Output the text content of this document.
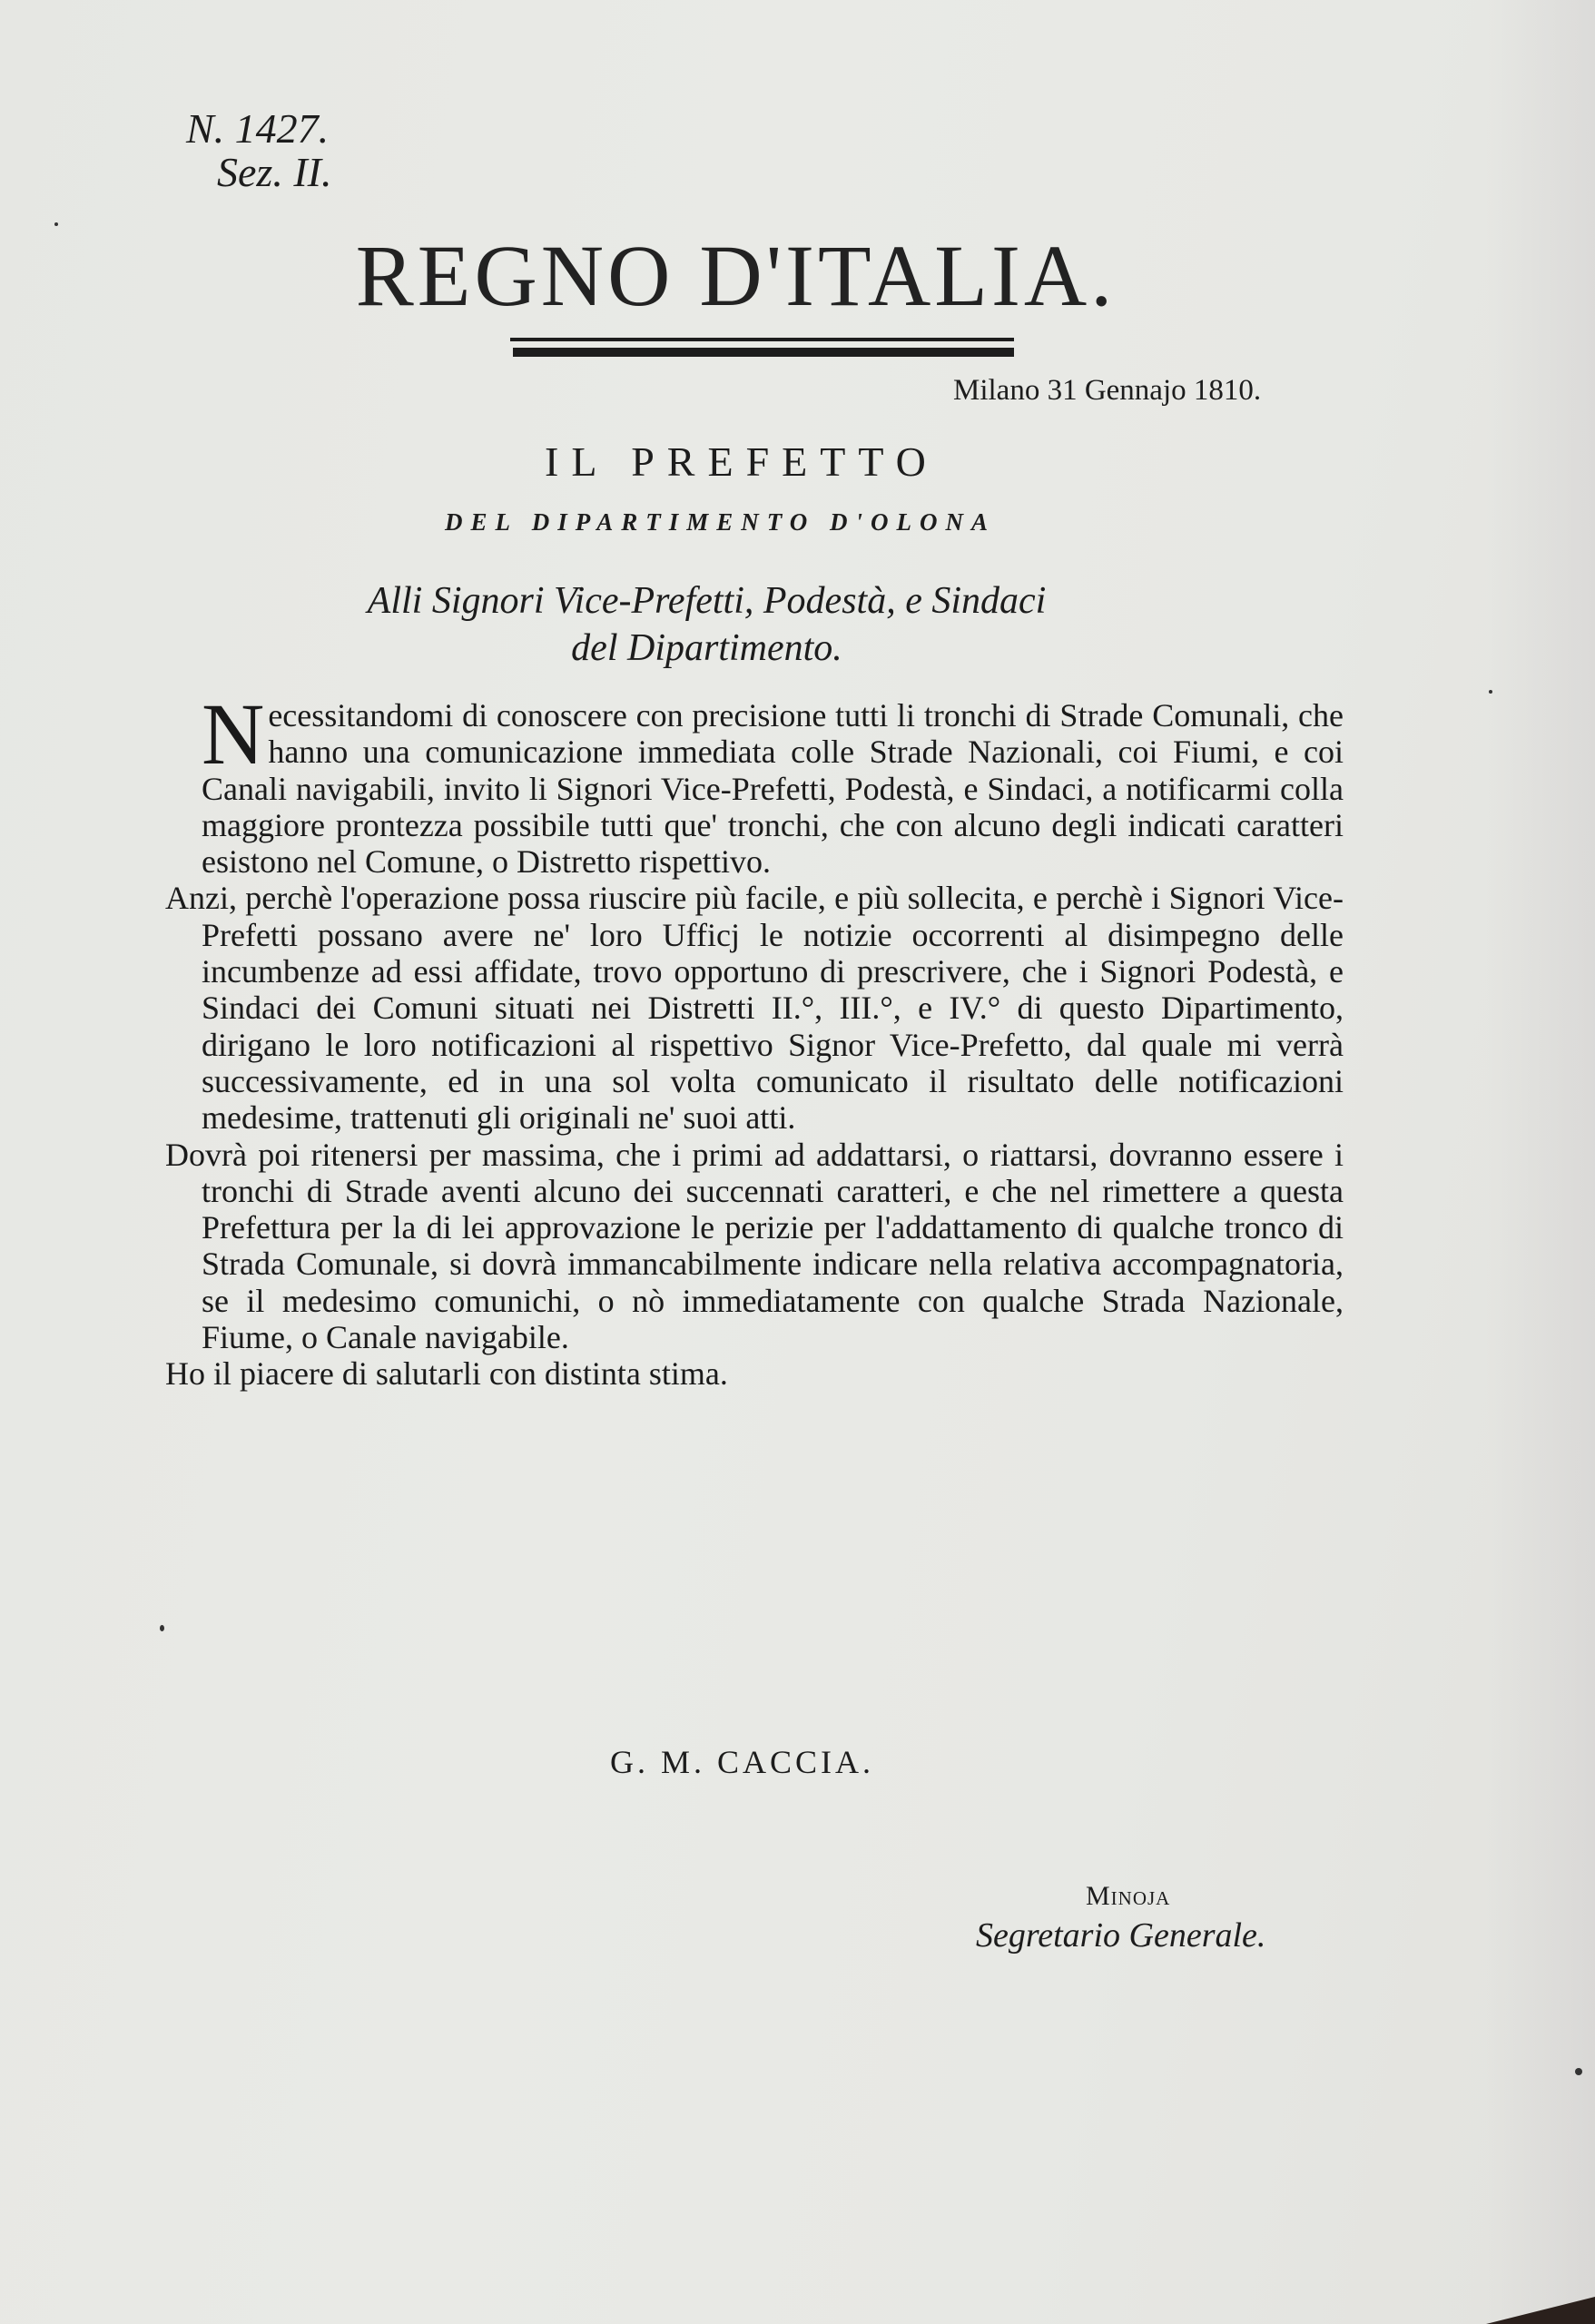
N. 1427.
Sez. II.
REGNO D'ITALIA.
Milano 31 Gennajo 1810.
IL PREFETTO
DEL DIPARTIMENTO D'OLONA
Alli Signori Vice-Prefetti, Podestà, e Sindaci
del Dipartimento.

Necessitandomi di conoscere con precisione tutti li tronchi di Strade Comunali, che hanno una comunicazione immediata colle Strade Nazionali, coi Fiumi, e coi Canali navigabili, invito li Signori Vice-Prefetti, Podestà, e Sindaci, a notificarmi colla maggiore prontezza possibile tutti que' tronchi, che con alcuno degli indicati caratteri esistono nel Comune, o Distretto rispettivo.

Anzi, perchè l'operazione possa riuscire più facile, e più sollecita, e perchè i Signori Vice-Prefetti possano avere ne' loro Ufficj le notizie occorrenti al disimpegno delle incumbenze ad essi affidate, trovo opportuno di prescrivere, che i Signori Podestà, e Sindaci dei Comuni situati nei Distretti II.°, III.°, e IV.° di questo Dipartimento, dirigano le loro notificazioni al rispettivo Signor Vice-Prefetto, dal quale mi verrà successivamente, ed in una sol volta comunicato il risultato delle notificazioni medesime, trattenuti gli originali ne' suoi atti.

Dovrà poi ritenersi per massima, che i primi ad addattarsi, o riattarsi, dovranno essere i tronchi di Strade aventi alcuno dei succennati caratteri, e che nel rimettere a questa Prefettura per la di lei approvazione le perizie per l'addattamento di qualche tronco di Strada Comunale, si dovrà immancabilmente indicare nella relativa accompagnatoria, se il medesimo comunichi, o nò immediatamente con qualche Strada Nazionale, Fiume, o Canale navigabile.

Ho il piacere di salutarli con distinta stima.

G. M. CACCIA.
Minoja
Segretario Generale.
